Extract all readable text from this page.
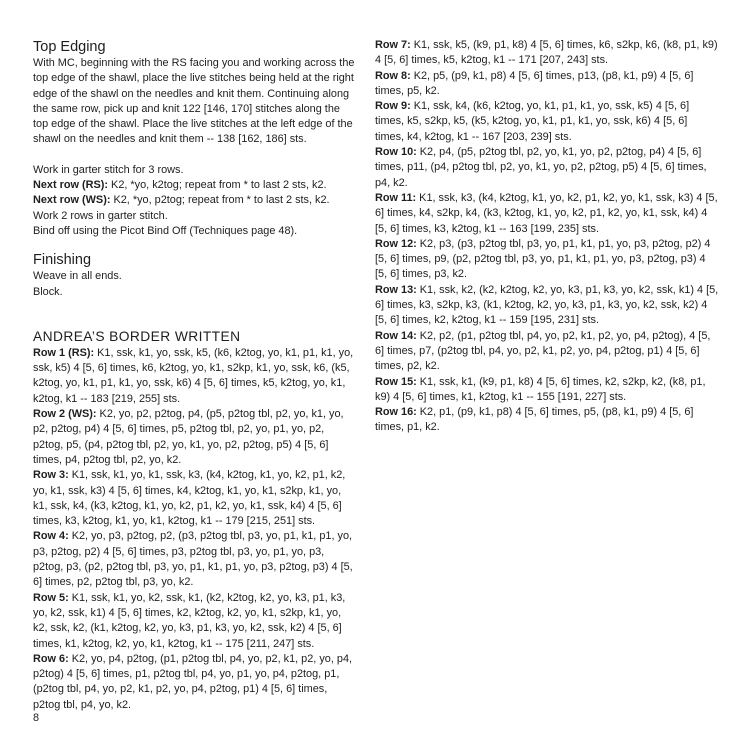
Top Edging

With MC, beginning with the RS facing you and working across the top edge of the shawl, place the live stitches being held at the right edge of the shawl on the needles and knit them. Continuing along the same row, pick up and knit 122 [146, 170] stitches along the top edge of the shawl. Place the live stitches at the left edge of the shawl on the needles and knit them -- 138 [162, 186] sts.

Work in garter stitch for 3 rows.

Next row (RS): K2, *yo, k2tog; repeat from * to last 2 sts, k2.

Next row (WS): K2, *yo, p2tog; repeat from * to last 2 sts, k2.

Work 2 rows in garter stitch.

Bind off using the Picot Bind Off (Techniques page 48).

Finishing

Weave in all ends.

Block.

ANDREA’S BORDER WRITTEN

Row 1 (RS): K1, ssk, k1, yo, ssk, k5, (k6, k2tog, yo, k1, p1, k1, yo, ssk, k5) 4 [5, 6] times, k6, k2tog, yo, k1, s2kp, k1, yo, ssk, k6, (k5, k2tog, yo, k1, p1, k1, yo, ssk, k6) 4 [5, 6] times, k5, k2tog, yo, k1, k2tog, k1 -- 183 [219, 255] sts.

Row 2 (WS): K2, yo, p2, p2tog, p4, (p5, p2tog tbl, p2, yo, k1, yo, p2, p2tog, p4) 4 [5, 6] times, p5, p2tog tbl, p2, yo, p1, yo, p2, p2tog, p5, (p4, p2tog tbl, p2, yo, k1, yo, p2, p2tog, p5) 4 [5, 6] times, p4, p2tog tbl, p2, yo, k2.

Row 3: K1, ssk, k1, yo, k1, ssk, k3, (k4, k2tog, k1, yo, k2, p1, k2, yo, k1, ssk, k3) 4 [5, 6] times, k4, k2tog, k1, yo, k1, s2kp, k1, yo, k1, ssk, k4, (k3, k2tog, k1, yo, k2, p1, k2, yo, k1, ssk, k4) 4 [5, 6] times, k3, k2tog, k1, yo, k1, k2tog, k1 -- 179 [215, 251] sts.

Row 4: K2, yo, p3, p2tog, p2, (p3, p2tog tbl, p3, yo, p1, k1, p1, yo, p3, p2tog, p2) 4 [5, 6] times, p3, p2tog tbl, p3, yo, p1, yo, p3, p2tog, p3, (p2, p2tog tbl, p3, yo, p1, k1, p1, yo, p3, p2tog, p3) 4 [5, 6] times, p2, p2tog tbl, p3, yo, k2.

Row 5: K1, ssk, k1, yo, k2, ssk, k1, (k2, k2tog, k2, yo, k3, p1, k3, yo, k2, ssk, k1) 4 [5, 6] times, k2, k2tog, k2, yo, k1, s2kp, k1, yo, k2, ssk, k2, (k1, k2tog, k2, yo, k3, p1, k3, yo, k2, ssk, k2) 4 [5, 6] times, k1, k2tog, k2, yo, k1, k2tog, k1 -- 175 [211, 247] sts.

Row 6: K2, yo, p4, p2tog, (p1, p2tog tbl, p4, yo, p2, k1, p2, yo, p4, p2tog) 4 [5, 6] times, p1, p2tog tbl, p4, yo, p1, yo, p4, p2tog, p1, (p2tog tbl, p4, yo, p2, k1, p2, yo, p4, p2tog, p1) 4 [5, 6] times, p2tog tbl, p4, yo, k2.

Row 7: K1, ssk, k5, (k9, p1, k8) 4 [5, 6] times, k6, s2kp, k6, (k8, p1, k9) 4 [5, 6] times, k5, k2tog, k1 -- 171 [207, 243] sts.

Row 8: K2, p5, (p9, k1, p8) 4 [5, 6] times, p13, (p8, k1, p9) 4 [5, 6] times, p5, k2.

Row 9: K1, ssk, k4, (k6, k2tog, yo, k1, p1, k1, yo, ssk, k5) 4 [5, 6] times, k5, s2kp, k5, (k5, k2tog, yo, k1, p1, k1, yo, ssk, k6) 4 [5, 6] times, k4, k2tog, k1 -- 167 [203, 239] sts.

Row 10: K2, p4, (p5, p2tog tbl, p2, yo, k1, yo, p2, p2tog, p4) 4 [5, 6] times, p11, (p4, p2tog tbl, p2, yo, k1, yo, p2, p2tog, p5) 4 [5, 6] times, p4, k2.

Row 11: K1, ssk, k3, (k4, k2tog, k1, yo, k2, p1, k2, yo, k1, ssk, k3) 4 [5, 6] times, k4, s2kp, k4, (k3, k2tog, k1, yo, k2, p1, k2, yo, k1, ssk, k4) 4 [5, 6] times, k3, k2tog, k1 -- 163 [199, 235] sts.

Row 12: K2, p3, (p3, p2tog tbl, p3, yo, p1, k1, p1, yo, p3, p2tog, p2) 4 [5, 6] times, p9, (p2, p2tog tbl, p3, yo, p1, k1, p1, yo, p3, p2tog, p3) 4 [5, 6] times, p3, k2.

Row 13: K1, ssk, k2, (k2, k2tog, k2, yo, k3, p1, k3, yo, k2, ssk, k1) 4 [5, 6] times, k3, s2kp, k3, (k1, k2tog, k2, yo, k3, p1, k3, yo, k2, ssk, k2) 4 [5, 6] times, k2, k2tog, k1 -- 159 [195, 231] sts.

Row 14: K2, p2, (p1, p2tog tbl, p4, yo, p2, k1, p2, yo, p4, p2tog), 4 [5, 6] times, p7, (p2tog tbl, p4, yo, p2, k1, p2, yo, p4, p2tog, p1) 4 [5, 6] times, p2, k2.

Row 15: K1, ssk, k1, (k9, p1, k8) 4 [5, 6] times, k2, s2kp, k2, (k8, p1, k9) 4 [5, 6] times, k1, k2tog, k1 -- 155 [191, 227] sts.

Row 16: K2, p1, (p9, k1, p8) 4 [5, 6] times, p5, (p8, k1, p9) 4 [5, 6] times, p1, k2.

8
